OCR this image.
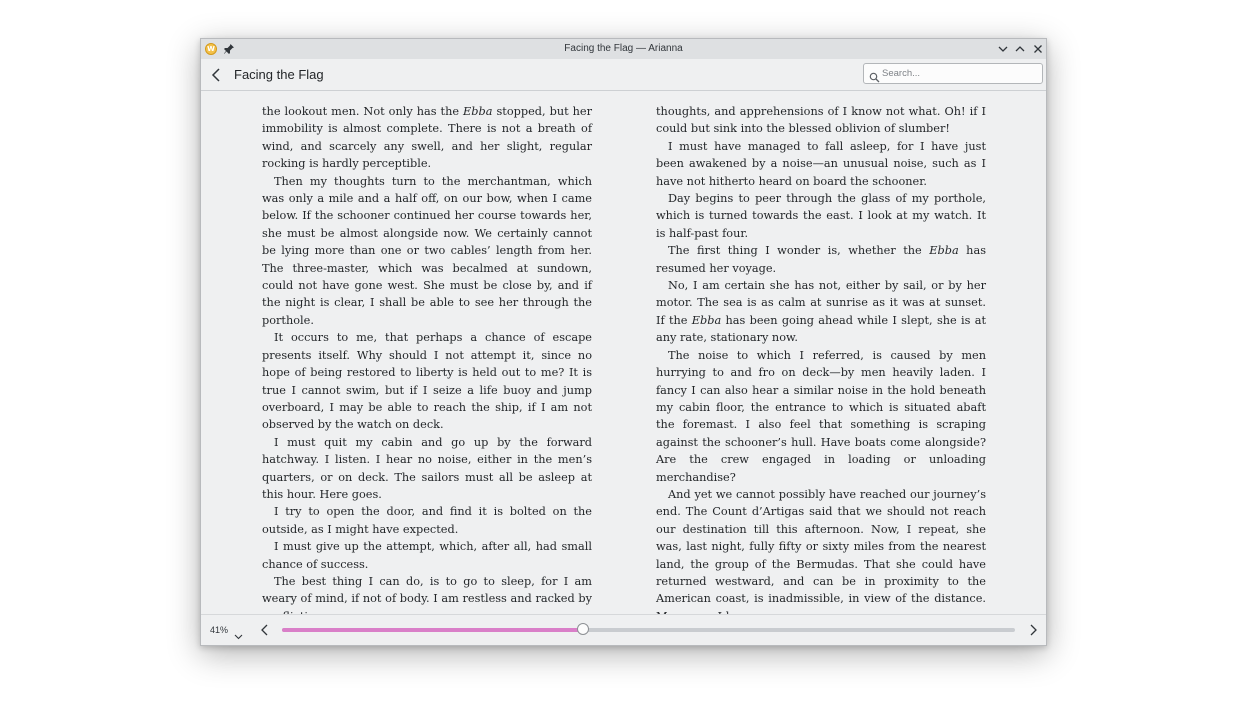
W	Facing the Flag — Arianna
Facing the Flag
Search...

the lookout men. Not only has the Ebba stopped, but her immobility is almost complete. There is not a breath of wind, and scarcely any swell, and her slight, regular rocking is hardly perceptible.

Then my thoughts turn to the merchantman, which was only a mile and a half off, on our bow, when I came below. If the schooner continued her course towards her, she must be almost alongside now. We certainly cannot be lying more than one or two cables’ length from her. The three-master, which was becalmed at sundown, could not have gone west. She must be close by, and if the night is clear, I shall be able to see her through the porthole.

It occurs to me, that perhaps a chance of escape presents itself. Why should I not attempt it, since no hope of being restored to liberty is held out to me? It is true I cannot swim, but if I seize a life buoy and jump overboard, I may be able to reach the ship, if I am not observed by the watch on deck.

I must quit my cabin and go up by the forward hatchway. I listen. I hear no noise, either in the men’s quarters, or on deck. The sailors must all be asleep at this hour. Here goes.

I try to open the door, and find it is bolted on the outside, as I might have expected.

I must give up the attempt, which, after all, had small chance of success.

The best thing I can do, is to go to sleep, for I am weary of mind, if not of body. I am restless and racked by

thoughts, and apprehensions of I know not what. Oh! if I could but sink into the blessed oblivion of slumber!

I must have managed to fall asleep, for I have just been awakened by a noise—an unusual noise, such as I have not hitherto heard on board the schooner.

Day begins to peer through the glass of my porthole, which is turned towards the east. I look at my watch. It is half-past four.

The first thing I wonder is, whether the Ebba has resumed her voyage.

No, I am certain she has not, either by sail, or by her motor. The sea is as calm at sunrise as it was at sunset. If the Ebba has been going ahead while I slept, she is at any rate, stationary now.

The noise to which I referred, is caused by men hurrying to and fro on deck—by men heavily laden. I fancy I can also hear a similar noise in the hold beneath my cabin floor, the entrance to which is situated abaft the foremast. I also feel that something is scraping against the schooner’s hull. Have boats come alongside? Are the crew engaged in loading or unloading merchandise?

And yet we cannot possibly have reached our journey’s end. The Count d’Artigas said that we should not reach our destination till this afternoon. Now, I repeat, she was, last night, fully fifty or sixty miles from the nearest land, the group of the Bermudas. That she could have returned westward, and can be in proximity to the American coast, is inadmissible, in view of the distance.

41%
